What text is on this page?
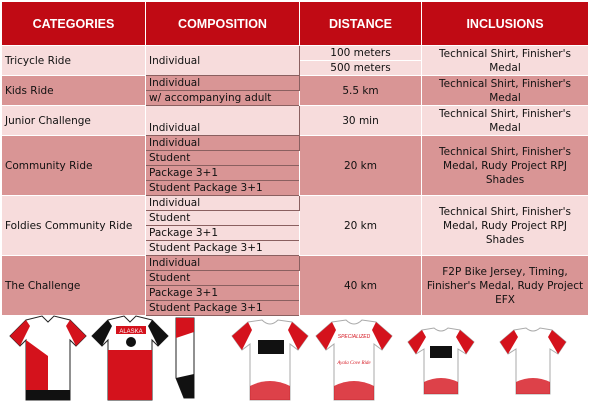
CATEGORIES	COMPOSITION	DISTANCE	INCLUSIONS
Tricycle Ride	Individual	100 meters	Technical Shirt, Finisher's Medal
		500 meters	
Kids Ride	Individual	5.5 km	Technical Shirt, Finisher's Medal
	w/ accompanying adult		
Junior Challenge	Individual	30 min	Technical Shirt, Finisher's Medal

Community Ride	Individual	20 km	Technical Shirt, Finisher's Medal, Rudy Project RPJ Shades
	Student		
	Package 3+1		
	Student Package 3+1		
Foldies Community Ride	Individual	20 km	Technical Shirt, Finisher's Medal, Rudy Project RPJ Shades
	Student		
	Package 3+1		
	Student Package 3+1		
The Challenge	Individual	40 km	F2P Bike Jersey, Timing, Finisher's Medal, Rudy Project EFX
	Student		
	Package 3+1		
	Student Package 3+1		
ALASKA
SPECIALIZED
Ayala Cove Ride
